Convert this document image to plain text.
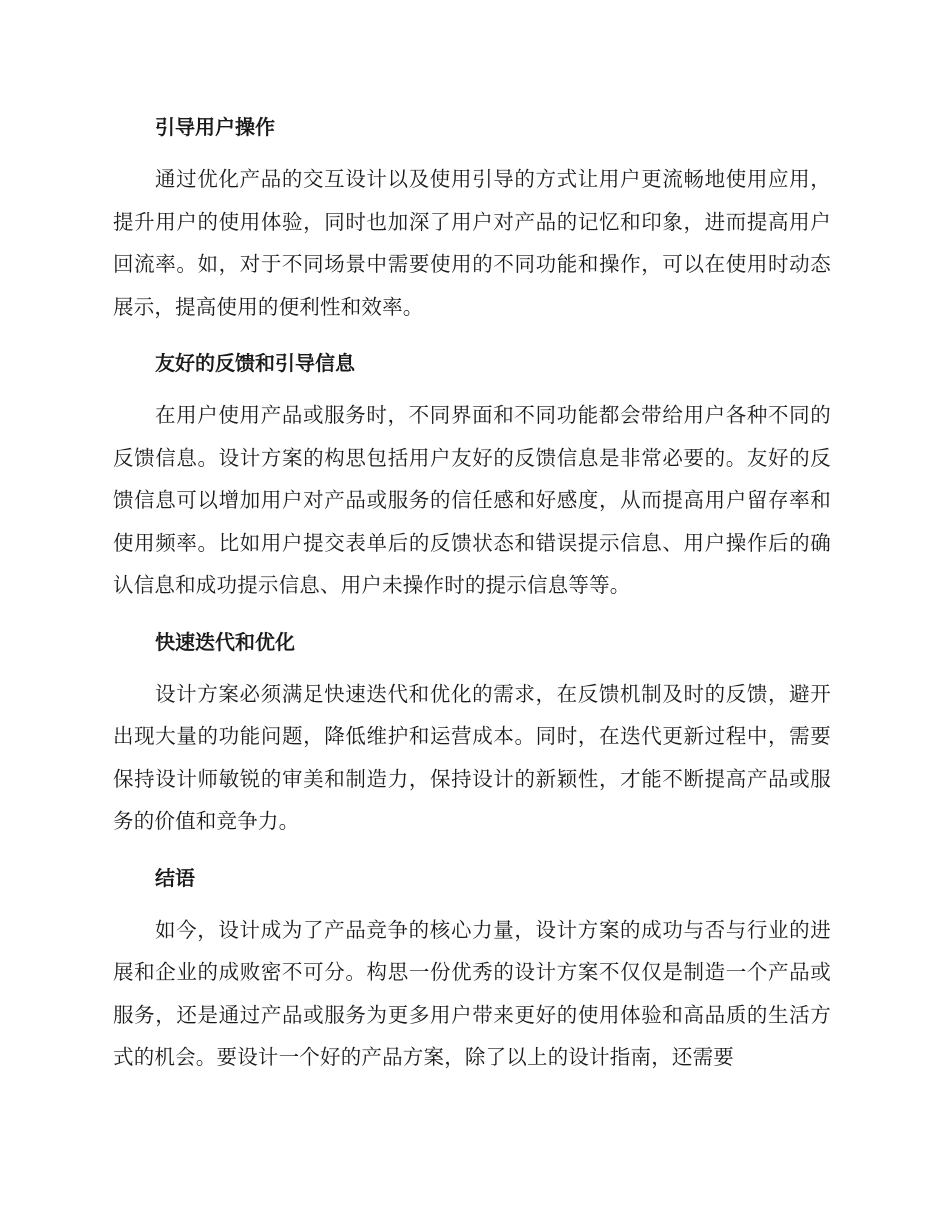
引导用户操作

通过优化产品的交互设计以及使用引导的方式让用户更流畅地使用应用，提升用户的使用体验，同时也加深了用户对产品的记忆和印象，进而提高用户回流率。如，对于不同场景中需要使用的不同功能和操作，可以在使用时动态展示，提高使用的便利性和效率。

友好的反馈和引导信息

在用户使用产品或服务时，不同界面和不同功能都会带给用户各种不同的反馈信息。设计方案的构思包括用户友好的反馈信息是非常必要的。友好的反馈信息可以增加用户对产品或服务的信任感和好感度，从而提高用户留存率和使用频率。比如用户提交表单后的反馈状态和错误提示信息、用户操作后的确认信息和成功提示信息、用户未操作时的提示信息等等。

快速迭代和优化

设计方案必须满足快速迭代和优化的需求，在反馈机制及时的反馈，避开出现大量的功能问题，降低维护和运营成本。同时，在迭代更新过程中，需要保持设计师敏锐的审美和制造力，保持设计的新颖性，才能不断提高产品或服务的价值和竞争力。

结语

如今，设计成为了产品竞争的核心力量，设计方案的成功与否与行业的进展和企业的成败密不可分。构思一份优秀的设计方案不仅仅是制造一个产品或服务，还是通过产品或服务为更多用户带来更好的使用体验和高品质的生活方式的机会。要设计一个好的产品方案，除了以上的设计指南，还需要
